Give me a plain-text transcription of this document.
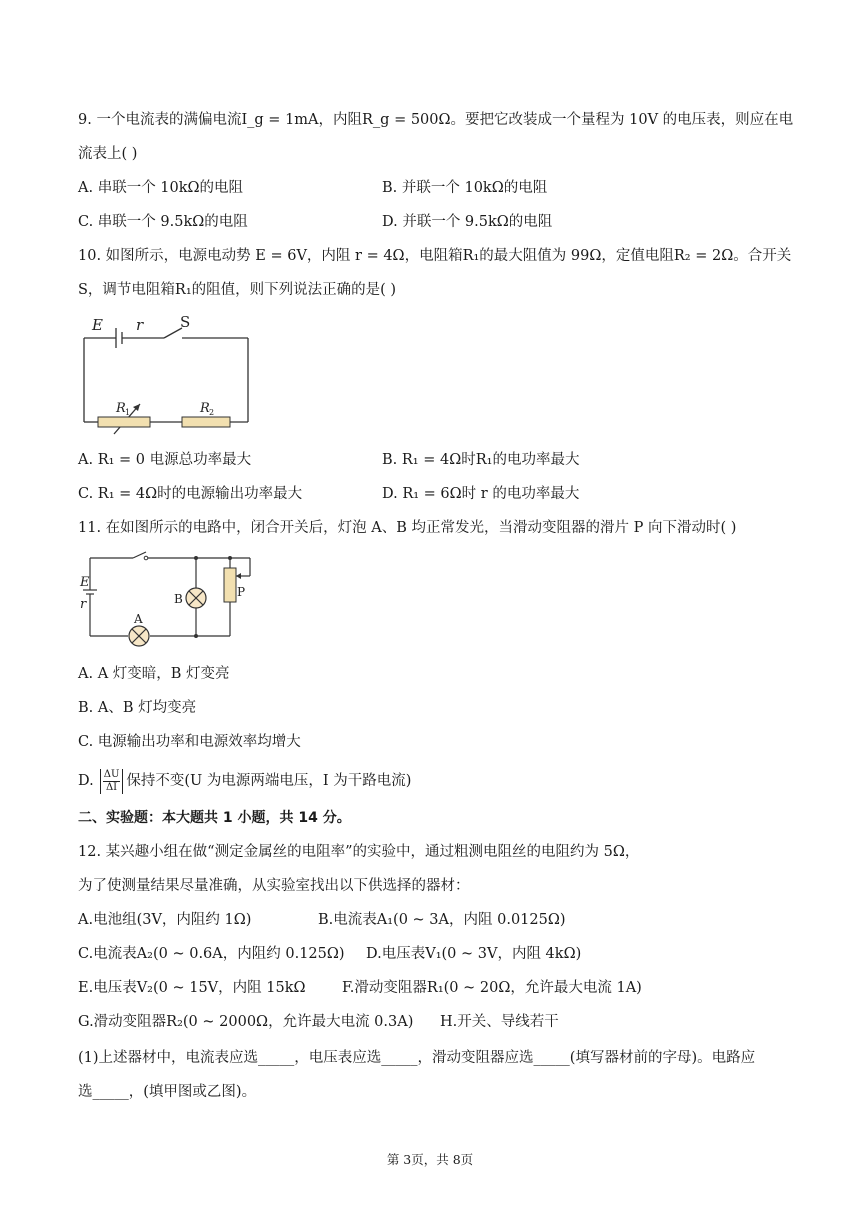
9. 一个电流表的满偏电流I_g = 1mA，内阻R_g = 500Ω。要把它改装成一个量程为 10V 的电压表，则应在电
流表上( )
A. 串联一个 10kΩ的电阻	B. 并联一个 10kΩ的电阻
C. 串联一个 9.5kΩ的电阻	D. 并联一个 9.5kΩ的电阻
10. 如图所示，电源电动势 E = 6V，内阻 r = 4Ω，电阻箱R₁的最大阻值为 99Ω，定值电阻R₂ = 2Ω。合开关
S，调节电阻箱R₁的阻值，则下列说法正确的是( )
E r S
R 1	R 2
A. R₁ = 0 电源总功率最大	B. R₁ = 4Ω时R₁的电功率最大
C. R₁ = 4Ω时的电源输出功率最大	D. R₁ = 6Ω时 r 的电功率最大
11. 在如图所示的电路中，闭合开关后，灯泡 A、B 均正常发光，当滑动变阻器的滑片 P 向下滑动时( )
E
r
A
B	P
A. A 灯变暗，B 灯变亮
B. A、B 灯均变亮
C. 电源输出功率和电源效率均增大
D. $\frac{\Delta U}{\Delta I}$ 保持不变(U 为电源两端电压，I 为干路电流)
二、实验题：本大题共 1 小题，共 14 分。
12. 某兴趣小组在做“测定金属丝的电阻率”的实验中，通过粗测电阻丝的电阻约为 5Ω，
为了使测量结果尽量准确，从实验室找出以下供选择的器材：
A.电池组(3V，内阻约 1Ω)	B.电流表A₁(0 ~ 3A，内阻 0.0125Ω)
C.电流表A₂(0 ~ 0.6A，内阻约 0.125Ω) D.电压表V₁(0 ~ 3V，内阻 4kΩ)
E.电压表V₂(0 ~ 15V，内阻 15kΩ	F.滑动变阻器R₁(0 ~ 20Ω，允许最大电流 1A)
G.滑动变阻器R₂(0 ~ 2000Ω，允许最大电流 0.3A) H.开关、导线若干
(1)上述器材中，电流表应选_____，电压表应选_____，滑动变阻器应选_____(填写器材前的字母)。电路应
选_____，(填甲图或乙图)。
第 3页，共 8页
